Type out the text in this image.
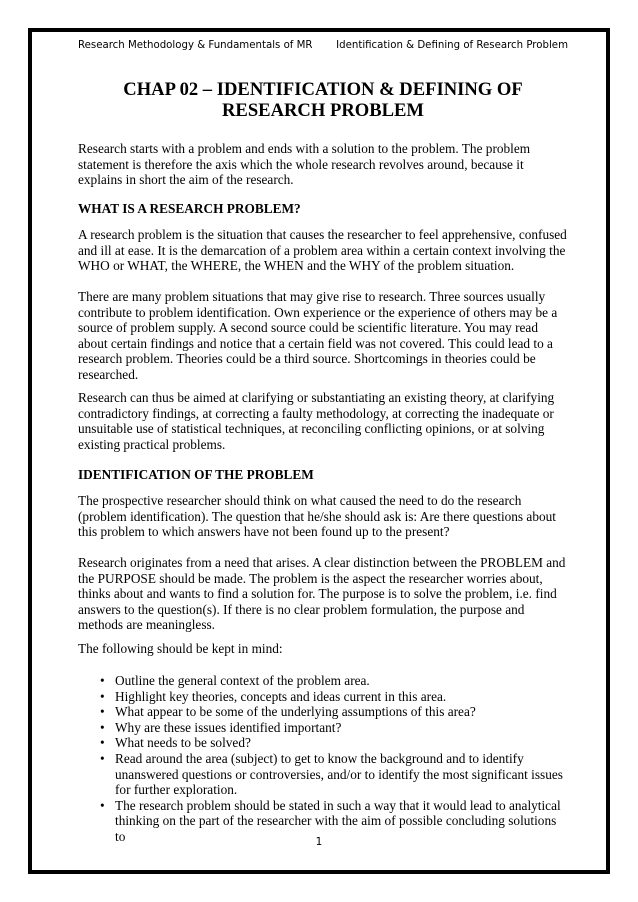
Research Methodology & Fundamentals of MR Identification & Defining of Research Problem
CHAP 02 – IDENTIFICATION & DEFINING OF RESEARCH PROBLEM

Research starts with a problem and ends with a solution to the problem. The problem statement is therefore the axis which the whole research revolves around, because it explains in short the aim of the research.

WHAT IS A RESEARCH PROBLEM?

A research problem is the situation that causes the researcher to feel apprehensive, confused and ill at ease. It is the demarcation of a problem area within a certain context involving the WHO or WHAT, the WHERE, the WHEN and the WHY of the problem situation.

There are many problem situations that may give rise to research. Three sources usually contribute to problem identification. Own experience or the experience of others may be a source of problem supply. A second source could be scientific literature. You may read about certain findings and notice that a certain field was not covered. This could lead to a research problem. Theories could be a third source. Shortcomings in theories could be researched.

Research can thus be aimed at clarifying or substantiating an existing theory, at clarifying contradictory findings, at correcting a faulty methodology, at correcting the inadequate or unsuitable use of statistical techniques, at reconciling conflicting opinions, or at solving existing practical problems.

IDENTIFICATION OF THE PROBLEM

The prospective researcher should think on what caused the need to do the research (problem identification). The question that he/she should ask is: Are there questions about this problem to which answers have not been found up to the present?

Research originates from a need that arises. A clear distinction between the PROBLEM and the PURPOSE should be made. The problem is the aspect the researcher worries about, thinks about and wants to find a solution for. The purpose is to solve the problem, i.e. find answers to the question(s). If there is no clear problem formulation, the purpose and methods are meaningless.

The following should be kept in mind:

• Outline the general context of the problem area.
• Highlight key theories, concepts and ideas current in this area.
• What appear to be some of the underlying assumptions of this area?
• Why are these issues identified important?
• What needs to be solved?
• Read around the area (subject) to get to know the background and to identify unanswered questions or controversies, and/or to identify the most significant issues for further exploration.
• The research problem should be stated in such a way that it would lead to analytical thinking on the part of the researcher with the aim of possible concluding solutions to	1
